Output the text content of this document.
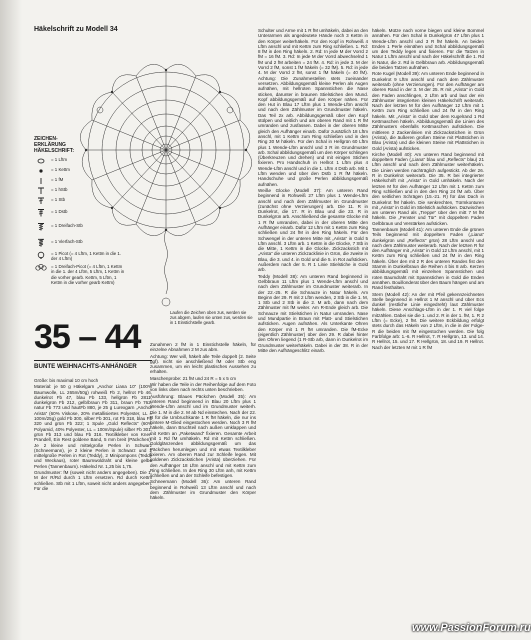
Häkelschrift zu Modell 34
ZEICHEN-
ERKLÄRUNG
HÄKELSCHRIFT:
= 1 Lftm
= 1 Kettm
= 1 fM
= 1 hStb
= 1 Stb
= 1 Dstb
= 1 Dreifach-Stb
= 1 Vierfach-Stb
= 1 Picot (= 4 Lftm, 1 Kettm in die 1. der 4 Lftm)
= 1 Dreifach-Picot (= 4 Lftm, 1 Kettm in die 1. der 4 Lftm, 5 Lftm, 1 Kettm in die vorher gearb. Kettm, 5 Lftm, 1 Kettm in die vorher gearb Kettm)
Laufen die Zeichen oben zus, werden sie zus abgem, laufen sie unten zus, werden sie in 1 Einstichstelle gearb.
35 – 44
BUNTE WEIHNACHTS-ANHÄNGER

Größe: bis maximal 10 cm hoch

Material: je 50 g Häkelgarn „Anchor Liana 10“ (100% Baumwolle, LL 265m/50g) rohweiß Fb 2, hellrot Fb 46, dunkelrot Fb 47, blau Fb 133, hellgrün Fb 2811, dunkelgrün Fb 212, gelb/braun Fb 311, braun Fb 762, natur Fb 773 und hautFb 880, je 25 g Lurexgarn „Anchor Arista“ (60% Viskose, 20% metallisiertes Polyester, LL = 100m/25g) gold Fb 300, silber Fb 301, rot Fb 318, blau Fb 320 und grün Fb 322; 1 Spule „Gold Reflects“ (60% Polyamid, 40% Polyester, LL = 100m/Spule) silber Fb 301, grün Fb 313 und blau Fb 316. Textilkleber von Kner-Prandell, Ein Rest goldene Band, 5 mm breit (Päckchen). Je 2 kleine und mittelgroße Perlen in Schwarz (Schneemann), je 2 kleine Perlen in Schwarz und 2 mittelgroße Perlen in Rot (Teddy), 2 Minipompons (Teddy und Weckaus), roter Baumwoldraht und kleine gelbe Perlen (Tannenbaum). Häkelnd Nr. 1,25 bis 1,75.

Grundmuster: fM (soweit nicht anders angegeben). Die 1. M der R/Rd durch 1 Lftm ersetzen. Rd durch Kettm schließen. Stb mit 1 Lftm, soweit nicht anders angegeben. Für die

Zunahmen 2 fM in 1 Einstichstelle häkeln, für einzelne Abnahmen 2 M zus abm.

Achtung: Wer will, häkelt alle Teile doppelt (2. Seite ggf). nicht sie anschließend fM oder Stb eng zusammen, um ein leicht plastisches Aussehen zu erhalten.

Maschenprobe: 21 fM und 24 R = 5 x 5 cm

Wir haben die Teile in der Reihenfolge auf dem Foto von links oben nach rechts unten beschrieben.

Ausführung: Blaues Päckchen (Modell 35): Am unteren Rand beginnend in Blau 20 Lftm plus 1 Wende-Lftm anschl und im Grundmuster weiterh. Die 1. M in die 2. M ab Nd einstechen. Nach der 22. R für die Umbruchkante 1 R fM häkeln, die nur ins hintere M-Glied eingestochen werden. Noch 3 R fM häkeln, dann Bruchteil nach außen umklappen und mit Kettm an „Paketwand“ fixieren. Gesamte Arbeit mit 1 Rd fM umhäkeln. Rd mit Kettm schließen. Goldglänzenden abbildungsgemäß um das Päckchen herumlegen und mit etwas Textilkleber fixieren. Am oberen Rand zur Schleife legen. Mit goldenen Zickzackstichen (Arista) überziehen. Für den Aufhänger 18 Lftm anschl und mit Kettm zum Ring schließen. In den Ring 30 Lftm anh, mit Kettm schließen und an der Schleife befestigen.

Schneemann (Modell 36): Am unteren Rand beginnend in Rohweiß 13 Lftm anschl und nach dem Zählmuster im Grundmuster den Körper häkeln.

Schulter und Arme mit 1 R fM umhäkeln, dabei an den Unterarmen als angedeutete Hände noch 3 Kettm in den Körper weiterhäkeln. Für den Kopf in Rohweiß 4 Lftm anschl und mit Kettm zum Ring schließen. 1. Rd: 8 fM in den Ring häkeln. 2. Rd: In jede M der Vorrd 2 fM = 16 fM. 3. Rd: In jede M der Vorrd abwechselnd 1 fM und 2 fM arbeiten = 24 fM. 4. Rd: in jede 3. M der Vorrd 2 fM, sonst 1 fM häkeln (= 32 fM). 5. Rd: in jede 4. M der Vorrd 2 fM, sonst 1 fM häkeln (= 40 fM). Achtung: Die Zunahmestellen stets zueinander versetzen. Abbildungsgemäß kleine Perlen als Augen aufnähen, mit hellroten Spannstichen die Nase sticken, darunter in braunen Stielstichen den Mund. Kopf abbildungsgemäß auf den Körper nähen. Für den Hut in Blau 17 Lftm plus 1 Wende-Lftm anschl und nach dem Zählmuster im Grundmuster häkeln. Das Teil 2x arb. Abbildungsgemäß über den Kopf stülpen und seitlich und am oberen Rand mit 1 R fM umranden und zusfassen. Dabei in der oberen Mitte gleich den Aufhänger einarb. Dafür zusätzlich 18 Lftm anschl, mit 1 Kettm zum Ring schließen und in den Ring 30 M häkeln. Für den Schal in Hellgrün 60 Lftm plus 1 Wende-Lftm anschl und 3 R im Grundmuster arb. Schal abbildungsgemäß um den Körper schlingen (Überkreuzen und drehen) und mit einigen Stichen fixieren. Pro Handschuh in Hellrot 1 Lftm plus 4 Wende-Lftm anschl und in die 1. Lftm 4 Dstb arb. Mit 1 Lftm wenden und über den Dstb 1 R fM häkeln. Handschuhe und große Perlen abbildungsgemäß aufnähen.

Weiße Glocke (Modell 37): Am unteren Rand beginnend in Rohweiß 27 Lftm plus 1 Wende-Lftm anschl und nach dem Zählmuster im Grundmuster (zunächst ohne Verzierungen) arb. Die 11. R in Dunkelrot, die 17. R in Blau und die 23. R in Dunkelgrün arb. Anschließend die gesamte Glocke mit 1 R fM umranden, dabei in der oberen Mitte den Aufhänger einarb. Dafür 12 Lftm mit 1 Kettm zum Ring schließen und 24 fM in den Ring häkeln. Für den Schwengel in der unteren Mitte mit „Arista“ in Gold 5 Lftm anschl. 3 Lftm arb. 1 Kettm in die Glocke, 7 Stb in die Mitte, 1 Kettm in die Glocke. Zickzackstich mit „Arista“ die unteren Zickzacklinie in Grün, die zweite in Blau, die 3. und 4. in Gold und die 5. in Rot aufsticken. Außerdem nach der 5. R 1 Linie Stielstiche in Gold arb.

Teddy (Modell 38): Am unteren Rand beginnend in Gelbbraun 11 Lftm plus 1 Wende-Lftm anschl und nach dem Zählmuster im Grundmuster weiterarb. In der 22.-25. R die Schnauze in Natur häkeln. Am Beginn der 29. R mit 2 Lftm wenden, 2 Stb in die 1. M, 1 Stb und 2 Stb in die 2. M arb, dann nach dem Zählmuster mit fM weiter. Am R-Ende gleich arb. Die Schnauze mit Stielstichen in Natur umranden. Nase und Mundpartie in Braun mit Platt- und Stielstichen aufsticken. Augen aufnähen. Als Unterkante Ohren den Körper mit 1 R fM umranden. Die fM-Ecke (eigentlich Zählmuster) über den 29. R dabei hinter den Ohren liegend (1 R-Stb arb, dann in Dunkelrot im Grundmuster weiterhäkeln. Dabei in der 38. R in der Mitte den Aufhängeschlitz einarb.

häkeln. Mütze nach vorne biegen und kleine Bommel annähen. Für den Schal in Dunkelgrün 47 Lftm plus 1 Wende-Lftm anschl und 3 R fM häkeln. An beiden Enden 1 Perle einnähen und Schal abbildungsgemäß um den Teddy legen und fixieren. Für die Tatzen in Natur 1 Lftm anschl und nach der Häkelschrift die 1. Rd in Natur, die 2. Rd in Gelbbraun arb. Abbildungsgemäß die beiden Tatzen aufnähen.

Rote Kugel (Modell 39): Am unteren Ende beginnend in Dunkelrot 9 Lftm anschl und nach dem Zählmuster weiterarb (ohne Verzierungen). Für den Aufhänger am oberen Rand in der 3. M der 25. R mit „Arista“ in Gold den Faden anschlingen, 2 Lftm arb und laut der ein Zählmuster integrierten kleinen Häkelschrift weiterarb. Nach der letzten M für den Aufhänger 12 Lftm mit 1 Kettm zum Ring schließen und 24 fM in den Ring häkeln. Mit „Arista“ in Gold über dem Kugelrand 1 Rd Kettmaschen häkeln. Abbildungsgemäß die Linien des Zählmusters ebenfalls Kettmaschen aufsticken. Die mittleren 2 Zackenlinien mit Zickzackstichen in Grün (Arista), die äußeren großen Steine mit Plattstichen in Blau (Arista) und die kleinen Steine mit Plattstichen in Gold (Arista) aufsticken.

Kirche (Modell 40): Am unteren Rand beginnend mit doppeltem Faden („Liana“ blau und „Reflects“ blau) 21 Lftm anschl und nach dem Zählmuster weiterhäkeln. Die Linien werden nachträglich aufgestickt. Ab der 26. R in Dunkelrot weiterarb. Die 35. R bei integrierter Häkelschrift mit „Arista“ in Gold umhäkeln. Nach der letzten M für den Aufhänger 12 Lftm mit 1 Kettm zum Ring schließen und in den den Ring 24 fM arb. Über den seitlichen Schrägen (15.-21. R) für das Dach in Dunkelrot fM häkeln. Die senkrechten, Türmkonturen mit „Arista“ in Gold im Stielstich aufsticken. Dazwischen am unteren Rand als „Treppe“ über den mitt 7 M fM häkeln. Die „Fenster und Tür“ mit doppeltem Faden Gelbbraun und Verstärken aufsticken.

Tannenbaum (Modell 41): Am unteren Ende die grünen Teils beginnend mit doppeltem Faden („Liana“ dunkelgrün und „Reflects“ grün) 28 Lftm anschl und nach dem Zählmuster weiterarb. Nach der letzten R für den Aufhänger mit „Arista“ in Gold 12 Lftm anschl, mit 1 Kettm zum Ring schließen und 24 fM in den Ring häkeln. Über den mit 2 R des unteren Randes fist den Stamm in Dunkelbraun die Reihen 4 bis 8 arb. Kerzen abbildungsgemäß mit einzelnen Spannstichen und roten Baumdraht mit Spannstichen in Gold die Enden annähen. Bouillonderat über den Baum hängen und am Rand festhalten.

Stern (Modell 42): An der mit Pfeil gekennzeichneten Stelle beginnend in Hellrot 1 M anschl und über Ecs dunkel (restliche Linie eingedreht) laut Zählmuster häkeln. Diese Anschlags-Lftm in der 1. R viel folge mitzählen. Dabei sie die 1. und 2. R in der 1. fM, 1. R 2 Lftm (= Ecke), 2 fM. Die weitere Eckbildung erfolgt stets durch das Häkeln von 2 Lftm, in die in der Folge-R die beiden mit fM eingestochen werden. Die folg Farbfolge arb: 1.-6. R Hellrot, 7. R Hellgrün, 13. und 14. R Hellrot, 15. und 17. R Hellgrün, 18. und 19. R Hellrot. Nach der letzten M mit 1 R fM

www.PassionForum.ru
